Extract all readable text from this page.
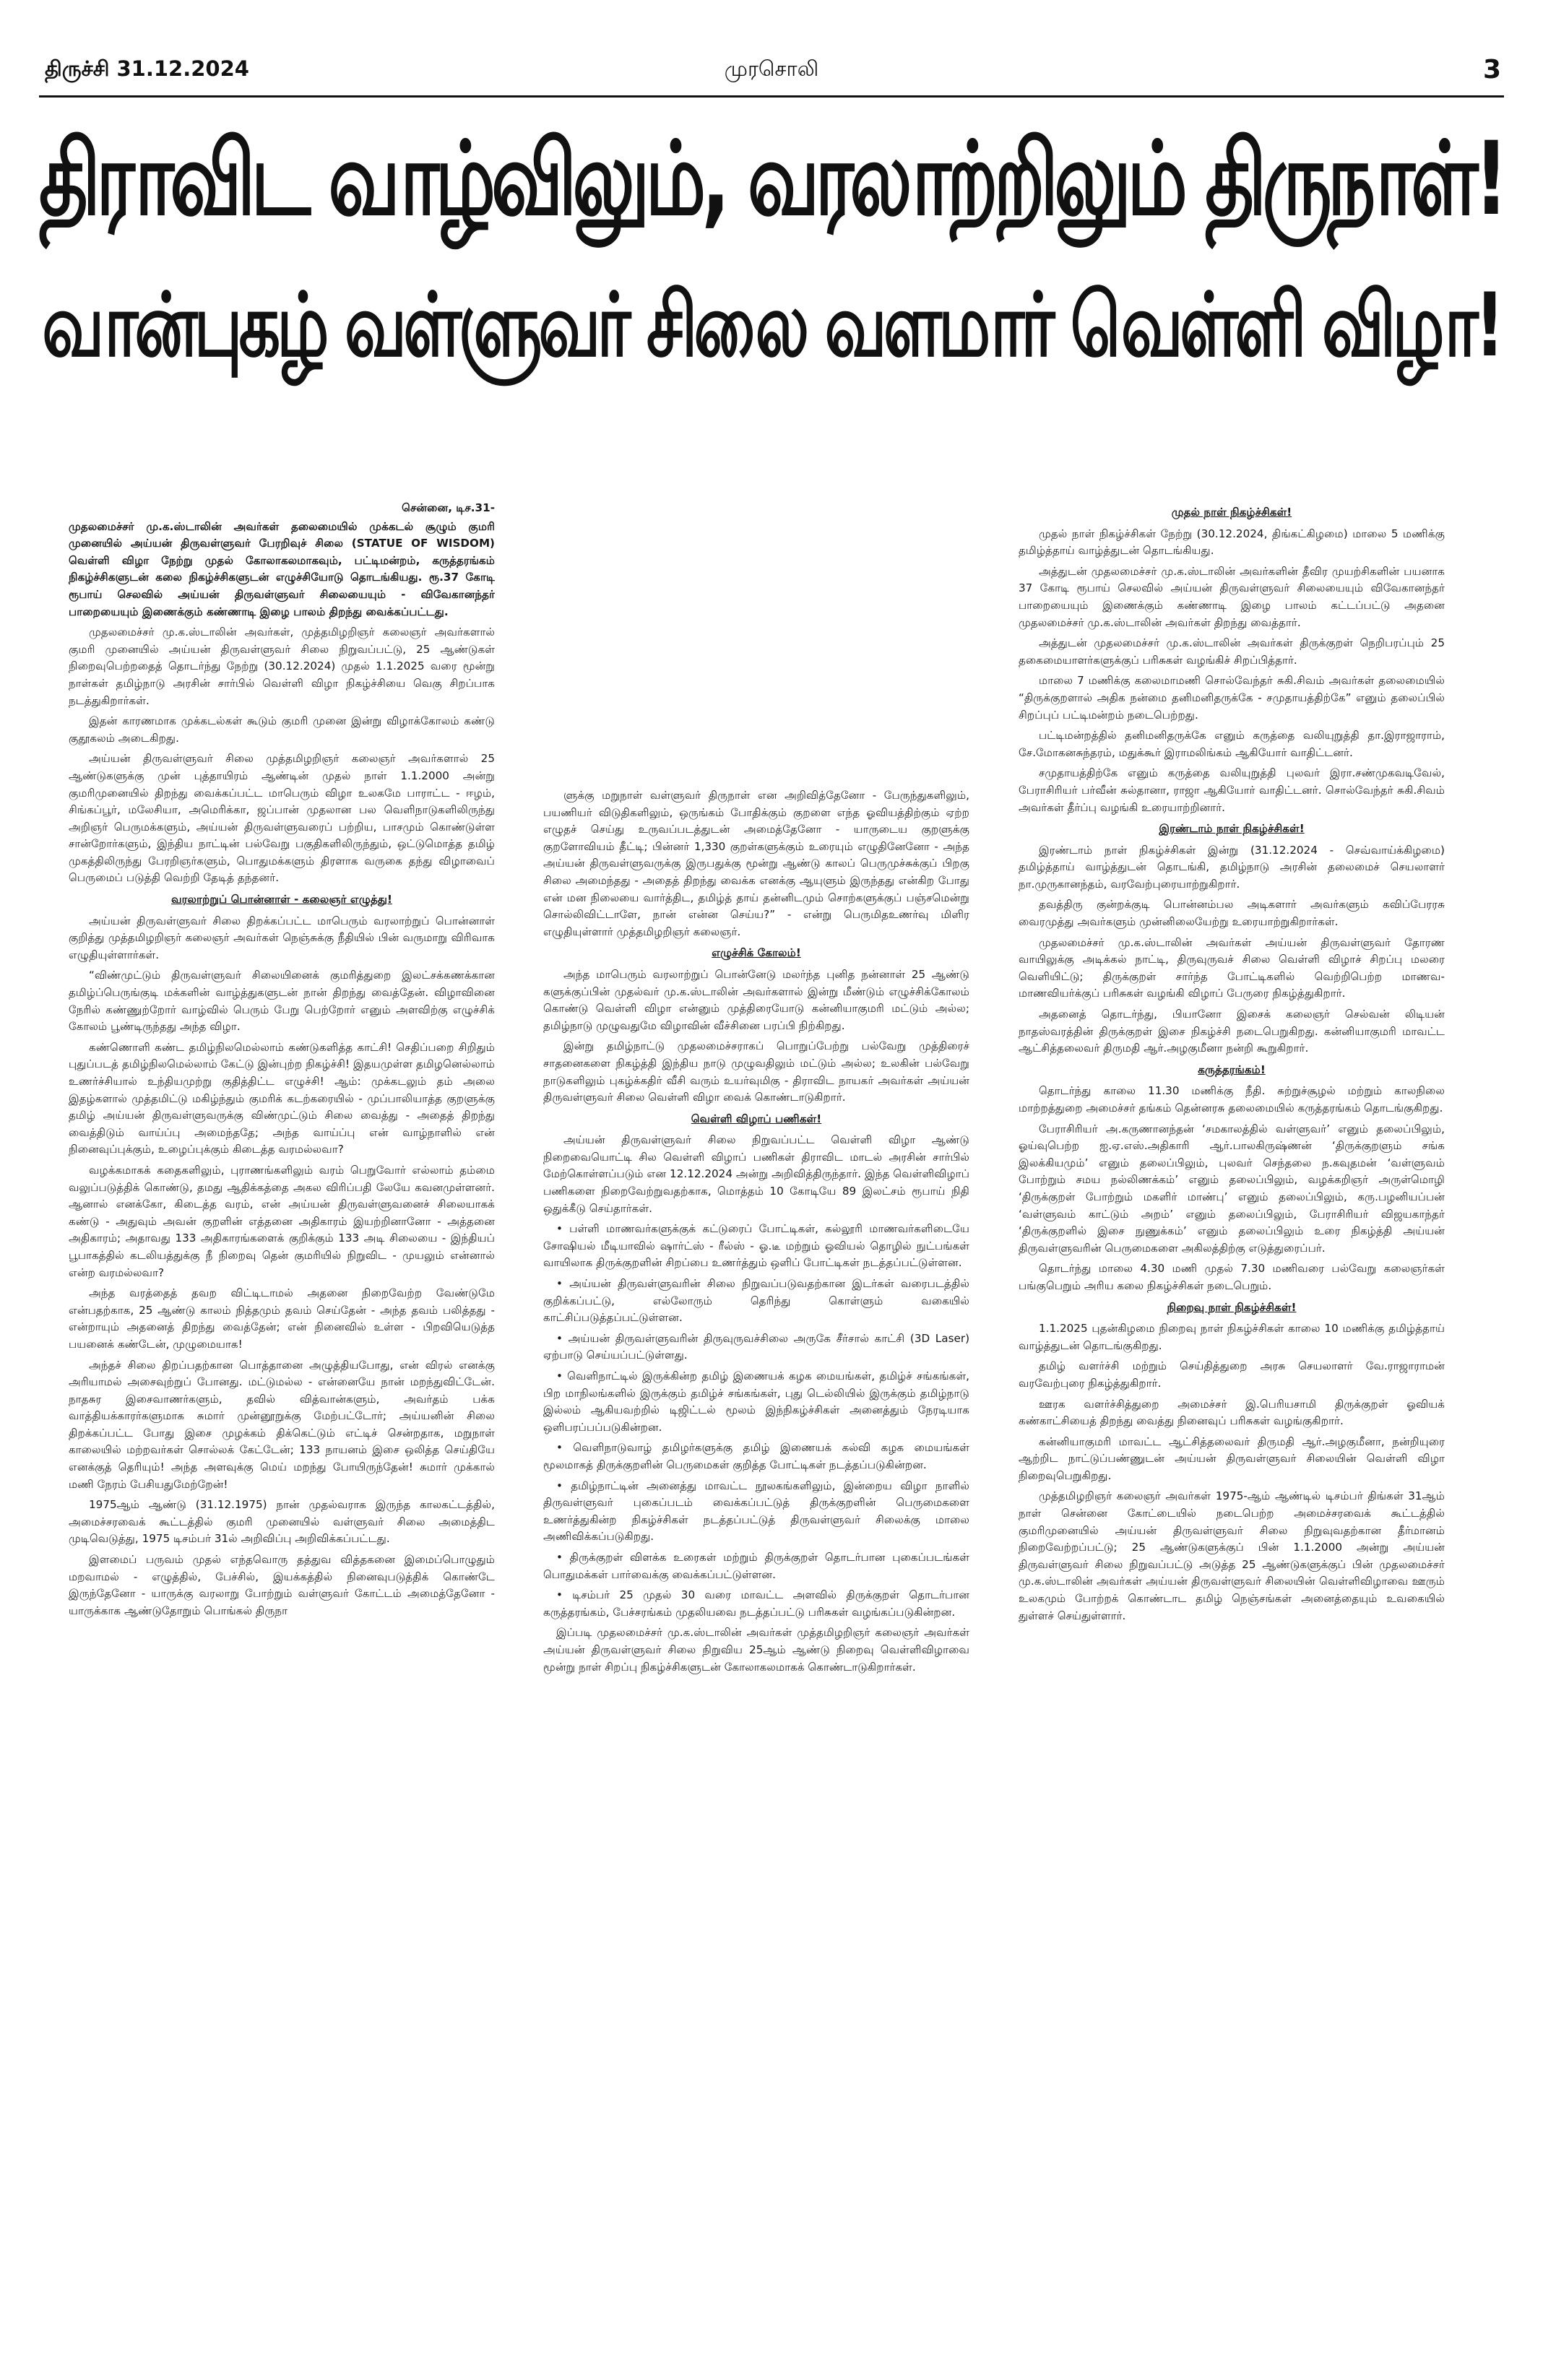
திருச்சி 31.12.2024	முரசொலி	3
திராவிட வாழ்விலும், வரலாற்றிலும் திருநாள்!
வான்புகழ் வள்ளுவர் சிலை வளமார் வெள்ளி விழா!

சென்னை, டிச.31-

முதலமைச்சர் மு.க.ஸ்டாலின் அவர்கள் தலைமையில் முக்கடல் சூழும் குமரி முனையில் அய்யன் திருவள்ளுவர் பேரறிவுச் சிலை (STATUE OF WISDOM) வெள்ளி விழா நேற்று முதல் கோலாகலமாகவும், பட்டிமன்றம், கருத்தரங்கம் நிகழ்ச்சிகளுடன் கலை நிகழ்ச்சிகளுடன் எழுச்சியோடு தொடங்கியது. ரூ.37 கோடி ரூபாய் செலவில் அய்யன் திருவள்ளுவர் சிலையையும் - விவேகானந்தர் பாறையையும் இணைக்கும் கண்ணாடி இழை பாலம் திறந்து வைக்கப்பட்டது.

முதலமைச்சர் மு.க.ஸ்டாலின் அவர்கள், முத்தமிழறிஞர் கலைஞர் அவர்களால் குமரி முனையில் அய்யன் திருவள்ளுவர் சிலை நிறுவப்பட்டு, 25 ஆண்டுகள் நிறைவுபெற்றதைத் தொடர்ந்து நேற்று (30.12.2024) முதல் 1.1.2025 வரை மூன்று நாள்கள் தமிழ்நாடு அரசின் சார்பில் வெள்ளி விழா நிகழ்ச்சியை வெகு சிறப்பாக நடத்துகிறார்கள்.

இதன் காரணமாக முக்கடல்கள் கூடும் குமரி முனை இன்று விழாக்கோலம் கண்டு குதூகலம் அடைகிறது.

அய்யன் திருவள்ளுவர் சிலை முத்தமிழறிஞர் கலைஞர் அவர்களால் 25 ஆண்டுகளுக்கு முன் புத்தாயிரம் ஆண்டின் முதல் நாள் 1.1.2000 அன்று குமரிமுனையில் திறந்து வைக்கப்பட்ட மாபெரும் விழா உலகமே பாராட்ட - ஈழம், சிங்கப்பூர், மலேசியா, அமெரிக்கா, ஜப்பான் முதலான பல வெளிநாடுகளிலிருந்து அறிஞர் பெருமக்களும், அய்யன் திருவள்ளுவரைப் பற்றிய, பாசமும் கொண்டுள்ள சான்றோர்களும், இந்திய நாட்டின் பல்வேறு பகுதிகளிலிருந்தும், ஒட்டுமொத்த தமிழ் முகத்திலிருந்து பேரறிஞர்களும், பொதுமக்களும் திரளாக வருகை தந்து விழாவைப் பெருமைப் படுத்தி வெற்றி தேடித் தந்தனர்.

வரலாற்றுப் பொன்னாள் - கலைஞர் எழுத்து!

அய்யன் திருவள்ளுவர் சிலை திறக்கப்பட்ட மாபெரும் வரலாற்றுப் பொன்னாள் குறித்து முத்தமிழறிஞர் கலைஞர் அவர்கள் நெஞ்சுக்கு நீதியில் பின் வருமாறு விரிவாக எழுதியுள்ளார்கள்.

“விண்முட்டும் திருவள்ளுவர் சிலையினைக் குமரித்துறை இலட்சக்கணக்கான தமிழ்ப்பெருங்குடி மக்களின் வாழ்த்துகளுடன் நான் திறந்து வைத்தேன். விழாவினை நேரில் கண்ணுற்றோர் வாழ்வில் பெரும் பேறு பெற்றோர் எனும் அளவிற்கு எழுச்சிக் கோலம் பூண்டிருந்தது அந்த விழா.

கண்ணொளி கண்ட தமிழ்நிலமெல்லாம் கண்டுகளித்த காட்சி! செதிப்பறை சிறிதும் புதுப்படத் தமிழ்நிலமெல்லாம் கேட்டு இன்புற்ற நிகழ்ச்சி! இதயமுள்ள தமிழனெல்லாம் உணர்ச்சியால் உந்தியமுற்று குதித்திட்ட எழுச்சி! ஆம்: முக்கடலும் தம் அலை இதழ்களால் முத்தமிட்டு மகிழ்ந்தும் குமரிக் கடற்கரையில் - முப்பாலியாத்த குறளுக்கு தமிழ் அய்யன் திருவள்ளுவருக்கு விண்முட்டும் சிலை வைத்து - அதைத் திறந்து வைத்திடும் வாய்ப்பு அமைந்ததே; அந்த வாய்ப்பு என் வாழ்நாளில் என் நினைவுப்புக்கும், உழைப்புக்கும் கிடைத்த வரமல்லவா?

வழக்கமாகக் கதைகளிலும், புராணங்களிலும் வரம் பெறுவோர் எல்லாம் தம்மை வலுப்படுத்திக் கொண்டு, தமது ஆதிக்கத்தை அகல விரிப்பதி லேயே கவனமுள்ளனர். ஆனால் எனக்கோ, கிடைத்த வரம், என் அய்யன் திருவள்ளுவனைச் சிலையாகக் கண்டு - அதுவும் அவன் குறளின் எத்தனை அதிகாரம் இயற்றினானோ - அத்தனை அதிகாரம்; அதாவது 133 அதிகாரங்களைக் குறிக்கும் 133 அடி சிலையை - இந்தியப் பூபாகத்தில் கடலியத்துக்கு நீ நிறைவு தென் குமரியில் நிறுவிட - முயலும் என்னால் என்ற வரமல்லவா?

அந்த வரத்தைத் தவற விட்டிடாமல் அதனை நிறைவேற்ற வேண்டுமே என்பதற்காக, 25 ஆண்டு காலம் நித்தமும் தவம் செய்தேன் - அந்த தவம் பலித்தது - என்றாயும் அதனைத் திறந்து வைத்தேன்; என் நினைவில் உள்ள - பிறவியெடுத்த பயனைக் கண்டேன், முழுமையாக!

அந்தச் சிலை திறப்பதற்கான பொத்தானை அழுத்தியபோது, என் விரல் எனக்கு அரியாமல் அசைவுற்றுப் போனது. மட்டுமல்ல - என்னையே நான் மறந்துவிட்டேன். நாதசுர இசைவாணர்களும், தவில் வித்வான்களும், அவர்தம் பக்க வாத்தியக்காரர்களுமாக சுமார் முன்னூறுக்கு மேற்பட்டோர்; அய்யனின் சிலை திறக்கப்பட்ட போது இசை முழக்கம் திக்கெட்டும் எட்டிச் சென்றதாக, மறுநாள் காலையில் மற்றவர்கள் சொல்லக் கேட்டேன்; 133 நாயனம் இசை ஒலித்த செய்தியே எனக்குத் தெரியும்! அந்த அளவுக்கு மெய் மறந்து போயிருந்தேன்! சுமார் முக்கால் மணி நேரம் பேசியதுமேற்றேன்!

1975ஆம் ஆண்டு (31.12.1975) நான் முதல்வராக இருந்த காலகட்டத்தில், அமைச்சரவைக் கூட்டத்தில் குமரி முனையில் வள்ளுவர் சிலை அமைத்திட முடிவெடுத்து, 1975 டிசம்பர் 31ல் அறிவிப்பு அறிவிக்கப்பட்டது.

இளமைப் பருவம் முதல் எந்தவொரு தத்துவ வித்தகனை இமைப்பொழுதும் மறவாமல் - எழுத்தில், பேச்சில், இயக்கத்தில் நினைவுபடுத்திக் கொண்டே இருந்தேனோ - யாருக்கு வரலாறு போற்றும் வள்ளுவர் கோட்டம் அமைத்தேனோ - யாருக்காக ஆண்டுதோறும் பொங்கல் திருநா

ளுக்கு மறுநாள் வள்ளுவர் திருநாள் என அறிவித்தேனோ - பேருந்துகளிலும், பயணியர் விடுதிகளிலும், ஒருங்கம் போதிக்கும் குறளை எந்த ஓவியத்திற்கும் ஏற்ற எழுதச் செய்து உருவப்படத்துடன் அமைத்தேனோ - யாருடைய குறளுக்கு குறளோவியம் தீட்டி; பின்னர் 1,330 குறள்களுக்கும் உரையும் எழுதினேனோ - அந்த அய்யன் திருவள்ளுவருக்கு இருபதுக்கு மூன்று ஆண்டு காலப் பெருமுச்சுக்குப் பிறகு சிலை அமைந்தது - அதைத் திறந்து வைக்க எனக்கு ஆயுளும் இருந்தது என்கிற போது என் மன நிலையை வார்த்திட, தமிழ்த் தாய் தன்னிடமும் சொற்களுக்குப் பஞ்சமென்று சொல்லிவிட்டாளே, நான் என்ன செய்ய?” - என்று பெருமிதஉணர்வு மிளிர எழுதியுள்ளார் முத்தமிழறிஞர் கலைஞர்.

எழுச்சிக் கோலம்!

அந்த மாபெரும் வரலாற்றுப் பொன்னேடு மலர்ந்த புனித நன்னாள் 25 ஆண்டு களுக்குப்பின் முதல்வர் மு.க.ஸ்டாலின் அவர்களால் இன்று மீண்டும் எழுச்சிக்கோலம் கொண்டு வெள்ளி விழா என்னும் முத்திரையோடு கன்னியாகுமரி மட்டும் அல்ல; தமிழ்நாடு முழுவதுமே விழாவின் வீச்சினை பரப்பி நிற்கிறது.

இன்று தமிழ்நாட்டு முதலமைச்சராகப் பொறுப்பேற்று பல்வேறு முத்திரைச் சாதனைகளை நிகழ்த்தி இந்திய நாடு முழுவதிலும் மட்டும் அல்ல; உலகின் பல்வேறு நாடுகளிலும் புகழ்க்கதிர் வீசி வரும் உயர்வுமிகு - திராவிட நாயகர் அவர்கள் அய்யன் திருவள்ளுவர் சிலை வெள்ளி விழா வைக் கொண்டாடுகிறார்.

வெள்ளி விழாப் பணிகள்!

அய்யன் திருவள்ளுவர் சிலை நிறுவப்பட்ட வெள்ளி விழா ஆண்டு நிறைவையொட்டி சில வெள்ளி விழாப் பணிகள் திராவிட மாடல் அரசின் சார்பில் மேற்கொள்ளப்படும் என 12.12.2024 அன்று அறிவித்திருந்தார். இந்த வெள்ளிவிழாப் பணிகளை நிறைவேற்றுவதற்காக, மொத்தம் 10 கோடியே 89 இலட்சம் ரூபாய் நிதி ஒதுக்கீடு செய்தார்கள்.

• பள்ளி மாணவர்களுக்குக் கட்டுரைப் போட்டிகள், கல்லூரி மாணவர்களிடையே சோஷியல் மீடியாவில் ஷார்ட்ஸ் - ரீல்ஸ் - ஓ.டீ மற்றும் ஓவியல் தொழில் நுட்பங்கள் வாயிலாக திருக்குறளின் சிறப்பை உணர்த்தும் ஒளிப் போட்டிகள் நடத்தப்பட்டுள்ளன.

• அய்யன் திருவள்ளுவரின் சிலை நிறுவப்படுவதற்கான இடர்கள் வரைபடத்தில் குறிக்கப்பட்டு, எல்லோரும் தெரிந்து கொள்ளும் வகையில் காட்சிப்படுத்தப்பட்டுள்ளன.

• அய்யன் திருவள்ளுவரின் திருவுருவச்சிலை அருகே சீர்சால் காட்சி (3D Laser) ஏற்பாடு செய்யப்பட்டுள்ளது.

• வெளிநாட்டில் இருக்கின்ற தமிழ் இணையக் கழக மையங்கள், தமிழ்ச் சங்கங்கள், பிற மாநிலங்களில் இருக்கும் தமிழ்ச் சங்கங்கள், புது டெல்லியில் இருக்கும் தமிழ்நாடு இல்லம் ஆகியவற்றில் டிஜிட்டல் மூலம் இந்நிகழ்ச்சிகள் அனைத்தும் நேரடியாக ஒளிபரப்பப்படுகின்றன.

• வெளிநாடுவாழ் தமிழர்களுக்கு தமிழ் இணையக் கல்வி கழக மையங்கள் மூலமாகத் திருக்குறளின் பெருமைகள் குறித்த போட்டிகள் நடத்தப்படுகின்றன.

• தமிழ்நாட்டின் அனைத்து மாவட்ட நூலகங்களிலும், இன்றைய விழா நாளில் திருவள்ளுவர் புகைப்படம் வைக்கப்பட்டுத் திருக்குறளின் பெருமைகளை உணர்த்துகின்ற நிகழ்ச்சிகள் நடத்தப்பட்டுத் திருவள்ளுவர் சிலைக்கு மாலை அணிவிக்கப்படுகிறது.

• திருக்குறள் விளக்க உரைகள் மற்றும் திருக்குறள் தொடர்பான புகைப்படங்கள் பொதுமக்கள் பார்வைக்கு வைக்கப்பட்டுள்ளன.

• டிசம்பர் 25 முதல் 30 வரை மாவட்ட அளவில் திருக்குறள் தொடர்பான கருத்தரங்கம், பேச்சரங்கம் முதலியவை நடத்தப்பட்டு பரிசுகள் வழங்கப்படுகின்றன.

இப்படி முதலமைச்சர் மு.க.ஸ்டாலின் அவர்கள் முத்தமிழறிஞர் கலைஞர் அவர்கள் அய்யன் திருவள்ளுவர் சிலை நிறுவிய 25ஆம் ஆண்டு நிறைவு வெள்ளிவிழாவை மூன்று நாள் சிறப்பு நிகழ்ச்சிகளுடன் கோலாகலமாகக் கொண்டாடுகிறார்கள்.

முதல் நாள் நிகழ்ச்சிகள்!

முதல் நாள் நிகழ்ச்சிகள் நேற்று (30.12.2024, திங்கட்கிழமை) மாலை 5 மணிக்கு தமிழ்த்தாய் வாழ்த்துடன் தொடங்கியது.

அத்துடன் முதலமைச்சர் மு.க.ஸ்டாலின் அவர்களின் தீவிர முயற்சிகளின் பயனாக 37 கோடி ரூபாய் செலவில் அய்யன் திருவள்ளுவர் சிலையையும் விவேகானந்தர் பாறையையும் இணைக்கும் கண்ணாடி இழை பாலம் கட்டப்பட்டு அதனை முதலமைச்சர் மு.க.ஸ்டாலின் அவர்கள் திறந்து வைத்தார்.

அத்துடன் முதலமைச்சர் மு.க.ஸ்டாலின் அவர்கள் திருக்குறள் நெறிபரப்பும் 25 தகைமையாளர்களுக்குப் பரிசுகள் வழங்கிச் சிறப்பித்தார்.

மாலை 7 மணிக்கு கலைமாமணி சொல்வேந்தர் சுகி.சிவம் அவர்கள் தலைமையில் “திருக்குறளால் அதிக நன்மை தனிமனிதருக்கே - சமுதாயத்திற்கே” எனும் தலைப்பில் சிறப்புப் பட்டிமன்றம் நடைபெற்றது.

பட்டிமன்றத்தில் தனிமனிதருக்கே எனும் கருத்தை வலியுறுத்தி தா.இராஜாராம், சே.மோகனசுந்தரம், மதுக்கூர் இராமலிங்கம் ஆகியோர் வாதிட்டனர்.

சமுதாயத்திற்கே எனும் கருத்தை வலியுறுத்தி புலவர் இரா.சண்முகவடிவேல், பேராசிரியர் பர்வீன் சுல்தானா, ராஜா ஆகியோர் வாதிட்டனர். சொல்வேந்தர் சுகி.சிவம் அவர்கள் தீர்ப்பு வழங்கி உரையாற்றினார்.

இரண்டாம் நாள் நிகழ்ச்சிகள்!

இரண்டாம் நாள் நிகழ்ச்சிகள் இன்று (31.12.2024 - செவ்வாய்க்கிழமை) தமிழ்த்தாய் வாழ்த்துடன் தொடங்கி, தமிழ்நாடு அரசின் தலைமைச் செயலாளர் நா.முருகானந்தம், வரவேற்புரையாற்றுகிறார்.

தவத்திரு குன்றக்குடி பொன்னம்பல அடிகளார் அவர்களும் கவிப்பேரரசு வைரமுத்து அவர்களும் முன்னிலையேற்று உரையாற்றுகிறார்கள்.

முதலமைச்சர் மு.க.ஸ்டாலின் அவர்கள் அய்யன் திருவள்ளுவர் தோரண வாயிலுக்கு அடிக்கல் நாட்டி, திருவுருவச் சிலை வெள்ளி விழாச் சிறப்பு மலரை வெளியிட்டு; திருக்குறள் சார்ந்த போட்டிகளில் வெற்றிபெற்ற மாணவ- மாணவியர்க்குப் பரிசுகள் வழங்கி விழாப் பேருரை நிகழ்த்துகிறார்.

அதனைத் தொடர்ந்து, பியானோ இசைக் கலைஞர் செல்வன் லிடியன் நாதஸ்வரத்தின் திருக்குறள் இசை நிகழ்ச்சி நடைபெறுகிறது. கன்னியாகுமரி மாவட்ட ஆட்சித்தலைவர் திருமதி ஆர்.அழகுமீனா நன்றி கூறுகிறார்.

கருத்தரங்கம்!

தொடர்ந்து காலை 11.30 மணிக்கு நீதி. சுற்றுச்சூழல் மற்றும் காலநிலை மாற்றத்துறை அமைச்சர் தங்கம் தென்னரசு தலைமையில் கருத்தரங்கம் தொடங்குகிறது.

பேராசிரியர் அ.கருணானந்தன் ‘சமகாலத்தில் வள்ளுவர்’ எனும் தலைப்பிலும், ஓய்வுபெற்ற ஐ.ஏ.எஸ்.அதிகாரி ஆர்.பாலகிருஷ்ணன் ‘திருக்குறளும் சங்க இலக்கியமும்’ எனும் தலைப்பிலும், புலவர் செந்தலை ந.கவுதமன் ‘வள்ளுவம் போற்றும் சமய நல்லிணக்கம்’ எனும் தலைப்பிலும், வழக்கறிஞர் அருள்மொழி ‘திருக்குறள் போற்றும் மகளிர் மாண்பு’ எனும் தலைப்பிலும், கரு.பழனியப்பன் ‘வள்ளுவம் காட்டும் அறம்’ எனும் தலைப்பிலும், பேராசிரியர் விஜயகாந்தர் ‘திருக்குறளில் இசை நுணுக்கம்’ எனும் தலைப்பிலும் உரை நிகழ்த்தி அய்யன் திருவள்ளுவரின் பெருமைகளை அகிலத்திற்கு எடுத்துரைப்பர்.

தொடர்ந்து மாலை 4.30 மணி முதல் 7.30 மணிவரை பல்வேறு கலைஞர்கள் பங்குபெறும் அரிய கலை நிகழ்ச்சிகள் நடைபெறும்.

நிறைவு நாள் நிகழ்ச்சிகள்!

1.1.2025 புதன்கிழமை நிறைவு நாள் நிகழ்ச்சிகள் காலை 10 மணிக்கு தமிழ்த்தாய் வாழ்த்துடன் தொடங்குகிறது.

தமிழ் வளர்ச்சி மற்றும் செய்தித்துறை அரசு செயலாளர் வே.ராஜாராமன் வரவேற்புரை நிகழ்த்துகிறார்.

ஊரக வளர்ச்சித்துறை அமைச்சர் இ.பெரியசாமி திருக்குறள் ஓவியக் கண்காட்சியைத் திறந்து வைத்து நினைவுப் பரிசுகள் வழங்குகிறார்.

கன்னியாகுமரி மாவட்ட ஆட்சித்தலைவர் திருமதி ஆர்.அழகுமீனா, நன்றியுரை ஆற்றிட நாட்டுப்பண்ணுடன் அய்யன் திருவள்ளுவர் சிலையின் வெள்ளி விழா நிறைவுபெறுகிறது.

முத்தமிழறிஞர் கலைஞர் அவர்கள் 1975-ஆம் ஆண்டில் டிசம்பர் திங்கள் 31ஆம் நாள் சென்னை கோட்டையில் நடைபெற்ற அமைச்சரவைக் கூட்டத்தில் குமரிமுனையில் அய்யன் திருவள்ளுவர் சிலை நிறுவுவதற்கான தீர்மானம் நிறைவேற்றப்பட்டு; 25 ஆண்டுகளுக்குப் பின் 1.1.2000 அன்று அய்யன் திருவள்ளுவர் சிலை நிறுவப்பட்டு அடுத்த 25 ஆண்டுகளுக்குப் பின் முதலமைச்சர் மு.க.ஸ்டாலின் அவர்கள் அய்யன் திருவள்ளுவர் சிலையின் வெள்ளிவிழாவை ஊரும் உலகமும் போற்றக் கொண்டாட தமிழ் நெஞ்சங்கள் அனைத்தையும் உவகையில் துள்ளச் செய்துள்ளார்.
